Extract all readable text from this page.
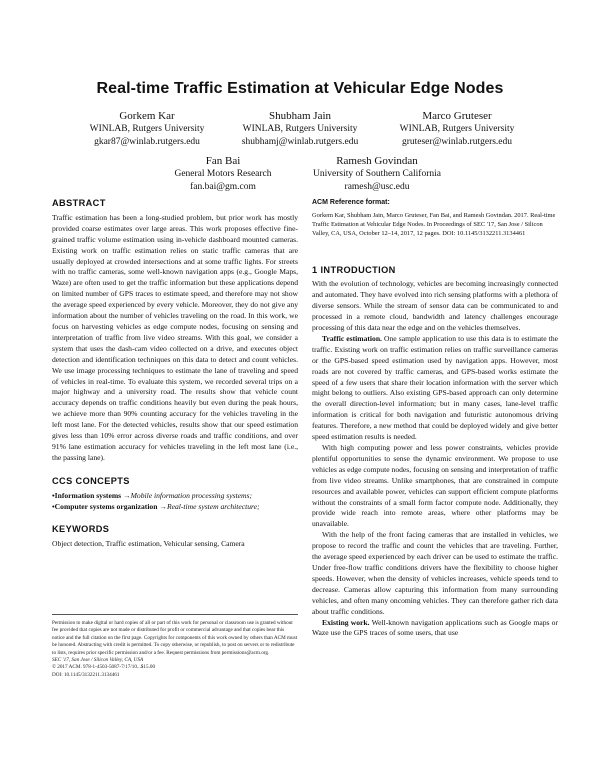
Real-time Traffic Estimation at Vehicular Edge Nodes
Gorkem Kar
WINLAB, Rutgers University
gkar87@winlab.rutgers.edu
Shubham Jain
WINLAB, Rutgers University
shubhamj@winlab.rutgers.edu
Marco Gruteser
WINLAB, Rutgers University
gruteser@winlab.rutgers.edu
Fan Bai
General Motors Research
fan.bai@gm.com
Ramesh Govindan
University of Southern California
ramesh@usc.edu
ABSTRACT

Traffic estimation has been a long-studied problem, but prior work has mostly provided coarse estimates over large areas. This work proposes effective fine-grained traffic volume estimation using in-vehicle dashboard mounted cameras. Existing work on traffic estimation relies on static traffic cameras that are usually deployed at crowded intersections and at some traffic lights. For streets with no traffic cameras, some well-known navigation apps (e.g., Google Maps, Waze) are often used to get the traffic information but these applications depend on limited number of GPS traces to estimate speed, and therefore may not show the average speed experienced by every vehicle. Moreover, they do not give any information about the number of vehicles traveling on the road. In this work, we focus on harvesting vehicles as edge compute nodes, focusing on sensing and interpretation of traffic from live video streams. With this goal, we consider a system that uses the dash-cam video collected on a drive, and executes object detection and identification techniques on this data to detect and count vehicles. We use image processing techniques to estimate the lane of traveling and speed of vehicles in real-time. To evaluate this system, we recorded several trips on a major highway and a university road. The results show that vehicle count accuracy depends on traffic conditions heavily but even during the peak hours, we achieve more than 90% counting accuracy for the vehicles traveling in the left most lane. For the detected vehicles, results show that our speed estimation gives less than 10% error across diverse roads and traffic conditions, and over 91% lane estimation accuracy for vehicles traveling in the left most lane (i.e., the passing lane).

CCS CONCEPTS

•Information systems →Mobile information processing systems;

•Computer systems organization →Real-time system architecture;

KEYWORDS

Object detection, Traffic estimation, Vehicular sensing, Camera

Permission to make digital or hard copies of all or part of this work for personal or classroom use is granted without fee provided that copies are not made or distributed for profit or commercial advantage and that copies bear this notice and the full citation on the first page. Copyrights for components of this work owned by others than ACM must be honored. Abstracting with credit is permitted. To copy otherwise, or republish, to post on servers or to redistribute to lists, requires prior specific permission and/or a fee. Request permissions from permissions@acm.org.
SEC '17, San Jose / Silicon Valley, CA, USA
© 2017 ACM. 978-1-4503-5087-7/17/10...$15.00
DOI: 10.1145/3132211.3134461
ACM Reference format:
Gorkem Kar, Shubham Jain, Marco Gruteser, Fan Bai, and Ramesh Govindan. 2017. Real-time Traffic Estimation at Vehicular Edge Nodes. In Proceedings of SEC '17, San Jose / Silicon Valley, CA, USA, October 12–14, 2017, 12 pages. DOI: 10.1145/3132211.3134461
1 INTRODUCTION

With the evolution of technology, vehicles are becoming increasingly connected and automated. They have evolved into rich sensing platforms with a plethora of diverse sensors. While the stream of sensor data can be communicated to and processed in a remote cloud, bandwidth and latency challenges encourage processing of this data near the edge and on the vehicles themselves.

Traffic estimation. One sample application to use this data is to estimate the traffic. Existing work on traffic estimation relies on traffic surveillance cameras or the GPS-based speed estimation used by navigation apps. However, most roads are not covered by traffic cameras, and GPS-based works estimate the speed of a few users that share their location information with the server which might belong to outliers. Also existing GPS-based approach can only determine the overall direction-level information; but in many cases, lane-level traffic information is critical for both navigation and futuristic autonomous driving features. Therefore, a new method that could be deployed widely and give better speed estimation results is needed.

With high computing power and less power constraints, vehicles provide plentiful opportunities to sense the dynamic environment. We propose to use vehicles as edge compute nodes, focusing on sensing and interpretation of traffic from live video streams. Unlike smartphones, that are constrained in compute resources and available power, vehicles can support efficient compute platforms without the constraints of a small form factor compute node. Additionally, they provide wide reach into remote areas, where other platforms may be unavailable.

With the help of the front facing cameras that are installed in vehicles, we propose to record the traffic and count the vehicles that are traveling. Further, the average speed experienced by each driver can be used to estimate the traffic. Under free-flow traffic conditions drivers have the flexibility to choose higher speeds. However, when the density of vehicles increases, vehicle speeds tend to decrease. Cameras allow capturing this information from many surrounding vehicles, and often many oncoming vehicles. They can therefore gather rich data about traffic conditions.

Existing work. Well-known navigation applications such as Google maps or Waze use the GPS traces of some users, that use
